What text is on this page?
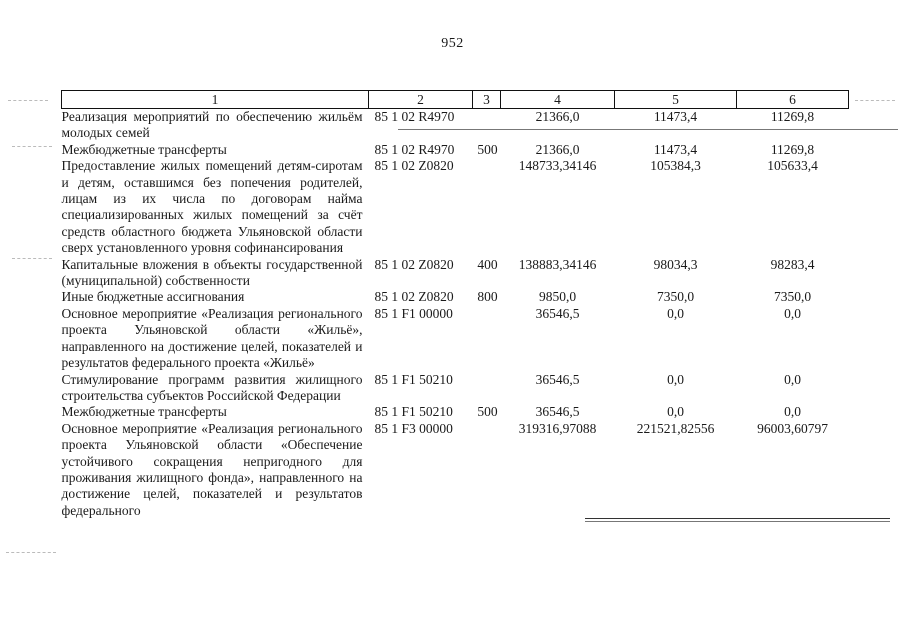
952
1	2	3	4	5	6
Реализация мероприятий по обеспечению жильём молодых семей	85 1 02 R4970		21366,0	11473,4	11269,8
Межбюджетные трансферты	85 1 02 R4970	500	21366,0	11473,4	11269,8
Предоставление жилых помещений детям-сиротам и детям, оставшимся без попечения родителей, лицам из их числа по договорам найма специализированных жилых помещений за счёт средств областного бюджета Ульяновской области сверх установленного уровня софинансирования	85 1 02 Z0820		148733,34146	105384,3	105633,4
Капитальные вложения в объекты государственной (муниципальной) собственности	85 1 02 Z0820	400	138883,34146	98034,3	98283,4
Иные бюджетные ассигнования	85 1 02 Z0820	800	9850,0	7350,0	7350,0
Основное мероприятие «Реализация регионального проекта Ульяновской области «Жильё», направленного на достижение целей, показателей и результатов федерального проекта «Жильё»	85 1 F1 00000		36546,5	0,0	0,0
Стимулирование программ развития жилищного строительства субъектов Российской Федерации	85 1 F1 50210		36546,5	0,0	0,0
Межбюджетные трансферты	85 1 F1 50210	500	36546,5	0,0	0,0
Основное мероприятие «Реализация регионального проекта Ульяновской области «Обеспечение устойчивого сокращения непригодного для проживания жилищного фонда», направленного на достижение целей, показателей и результатов федерального	85 1 F3 00000		319316,97088	221521,82556	96003,60797
